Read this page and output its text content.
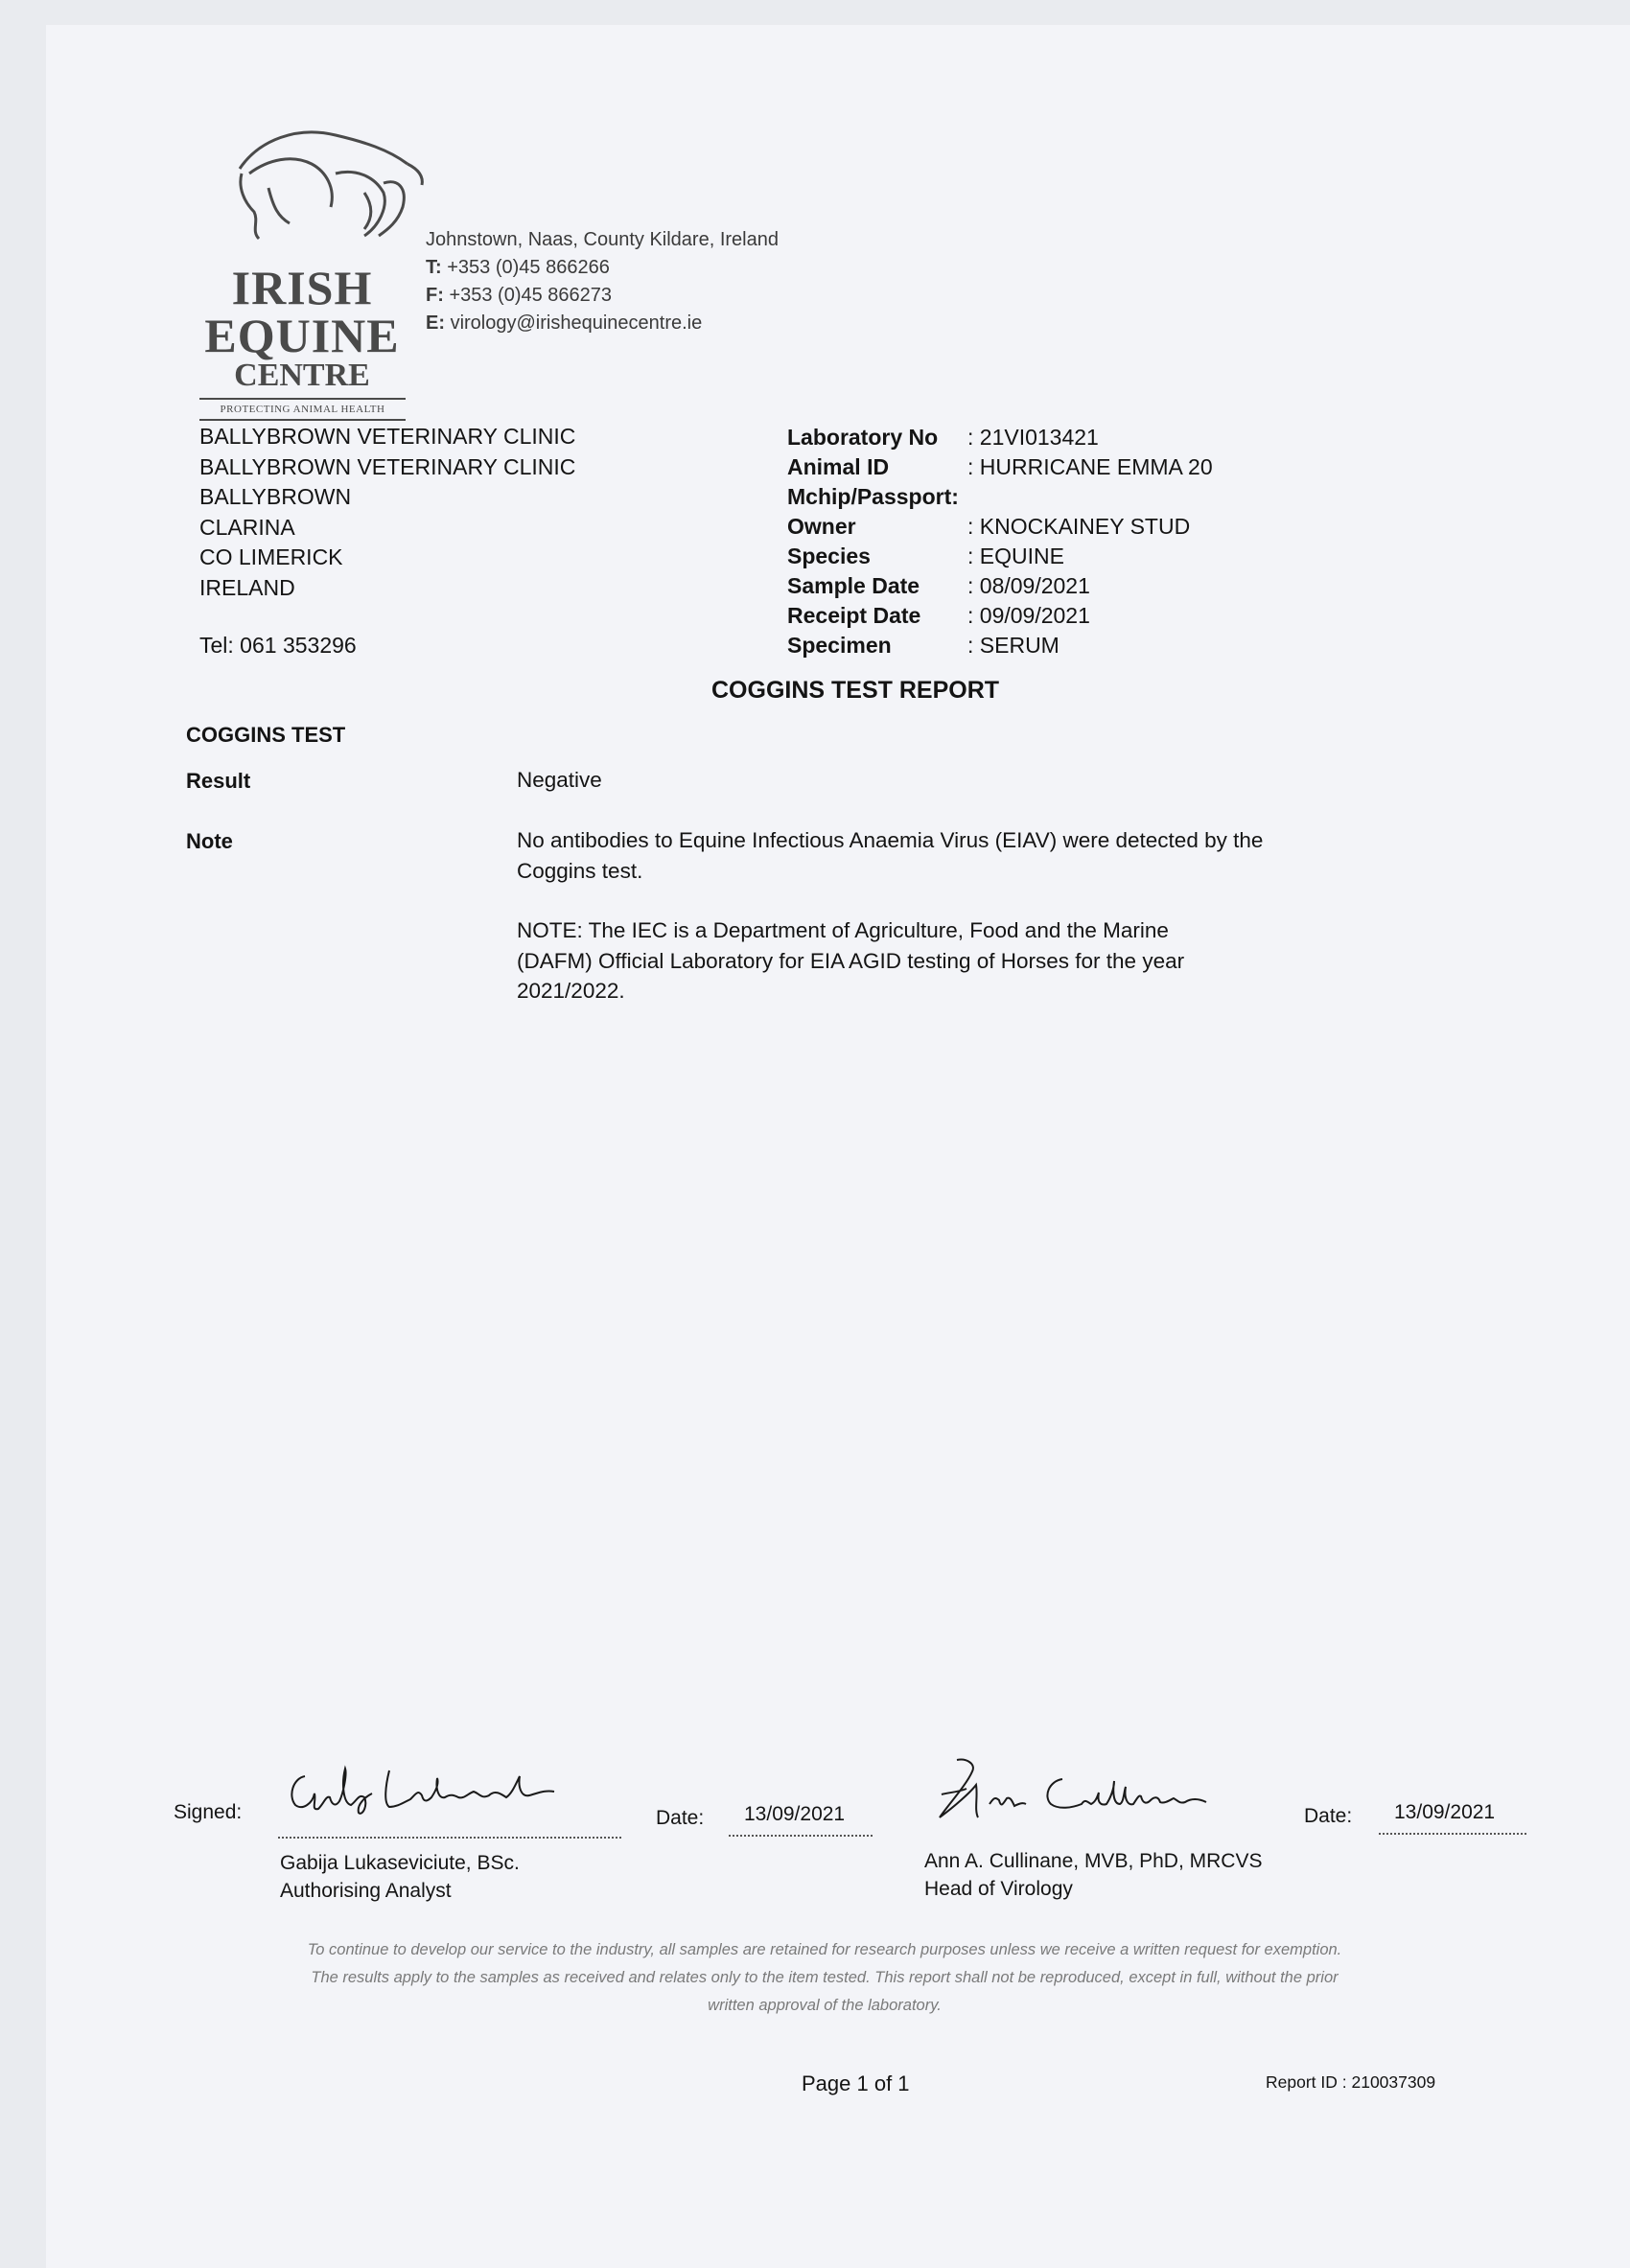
IRISH
EQUINE
CENTRE
PROTECTING ANIMAL HEALTH
Johnstown, Naas, County Kildare, Ireland
T: +353 (0)45 866266
F: +353 (0)45 866273
E: virology@irishequinecentre.ie
BALLYBROWN VETERINARY CLINIC
BALLYBROWN VETERINARY CLINIC
BALLYBROWN
CLARINA
CO LIMERICK
IRELAND
Tel: 061 353296
Laboratory No : 21VI013421
Animal ID	: HURRICANE EMMA 20
Mchip/Passport:
Owner	: KNOCKAINEY STUD
Species	: EQUINE
Sample Date : 08/09/2021
Receipt Date : 09/09/2021
Specimen	: SERUM
COGGINS TEST REPORT
COGGINS TEST
Result	Negative
Note	No antibodies to Equine Infectious Anaemia Virus (EIAV) were detected by the Coggins test.
NOTE: The IEC is a Department of Agriculture, Food and the Marine (DAFM) Official Laboratory for EIA AGID testing of Horses for the year 2021/2022.
Signed:
Gabija Lukaseviciute, BSc.
Authorising Analyst
Date: 13/09/2021
Ann A. Cullinane, MVB, PhD, MRCVS
Head of Virology
Date: 13/09/2021
To continue to develop our service to the industry, all samples are retained for research purposes unless we receive a written request for exemption.
The results apply to the samples as received and relates only to the item tested. This report shall not be reproduced, except in full, without the prior
written approval of the laboratory.
Page 1 of 1	Report ID : 210037309
